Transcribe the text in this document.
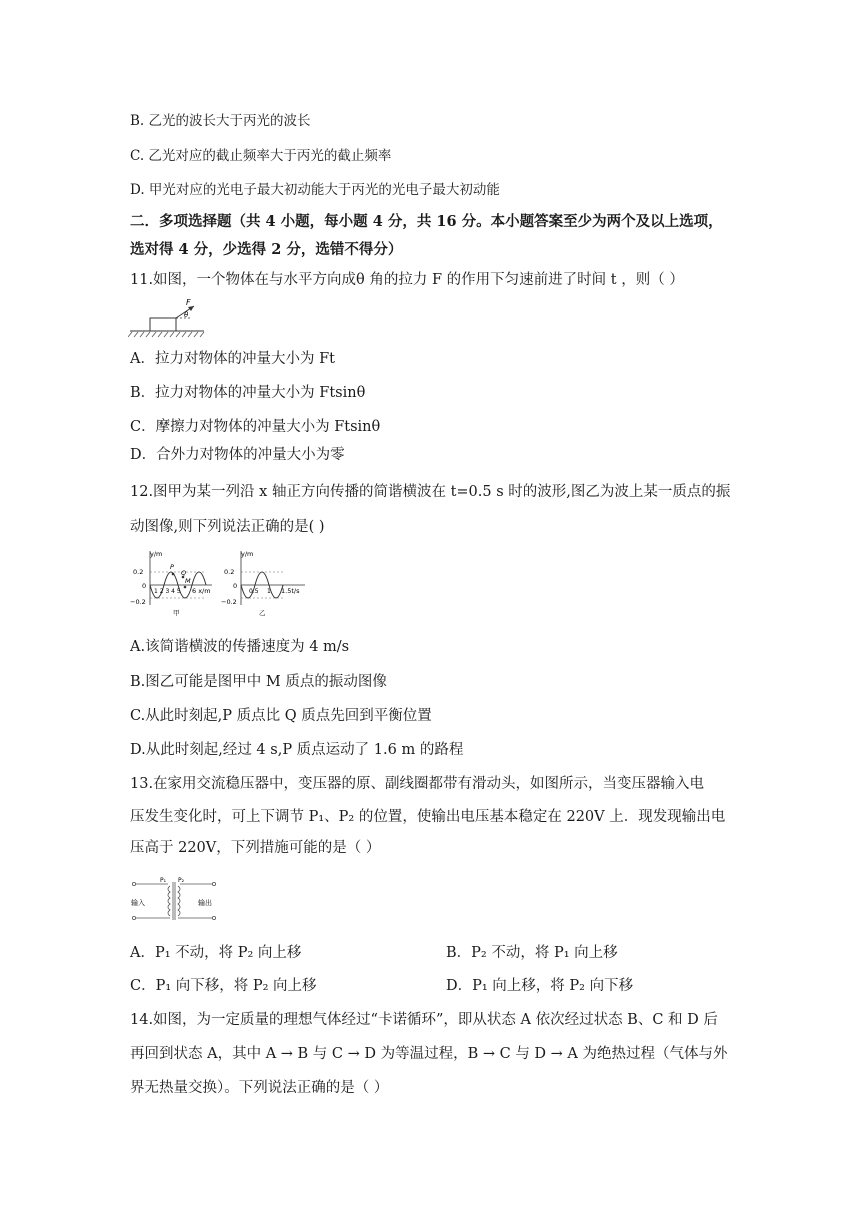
B. 乙光的波长大于丙光的波长
C. 乙光对应的截止频率大于丙光的截止频率
D. 甲光对应的光电子最大初动能大于丙光的光电子最大初动能
二．多项选择题（共 4 小题，每小题 4 分，共 16 分。本小题答案至少为两个及以上选项，
选对得 4 分，少选得 2 分，选错不得分）
11.如图，一个物体在与水平方向成θ 角的拉力 F 的作用下匀速前进了时间 t ，则（ ）
F
θ
A．拉力对物体的冲量大小为 Ft
B．拉力对物体的冲量大小为 Ftsinθ
C．摩擦力对物体的冲量大小为 Ftsinθ
D．合外力对物体的冲量大小为零
12.图甲为某一列沿 x 轴正方向传播的简谐横波在 t=0.5 s 时的波形,图乙为波上某一质点的振
动图像,则下列说法正确的是( )
y/m
0.2
0
−0.2
1 2 3 4 5 6 x/m
P
Q
M
甲
y/m
0.2
0
−0.2
0.5 1 1.5t/s
乙
A.该简谐横波的传播速度为 4 m/s
B.图乙可能是图甲中 M 质点的振动图像
C.从此时刻起,P 质点比 Q 质点先回到平衡位置
D.从此时刻起,经过 4 s,P 质点运动了 1.6 m 的路程
13.在家用交流稳压器中，变压器的原、副线圈都带有滑动头，如图所示，当变压器输入电
压发生变化时，可上下调节 P₁、P₂ 的位置，使输出电压基本稳定在 220V 上．现发现输出电
压高于 220V，下列措施可能的是（ ）
P₁ P₂
输入	输出
A．P₁ 不动，将 P₂ 向上移	B．P₂ 不动，将 P₁ 向上移
C．P₁ 向下移，将 P₂ 向上移	D．P₁ 向上移，将 P₂ 向下移
14.如图，为一定质量的理想气体经过“卡诺循环”，即从状态 A 依次经过状态 B、C 和 D 后
再回到状态 A，其中 A → B 与 C → D 为等温过程，B → C 与 D → A 为绝热过程（气体与外
界无热量交换）。下列说法正确的是（ ）
